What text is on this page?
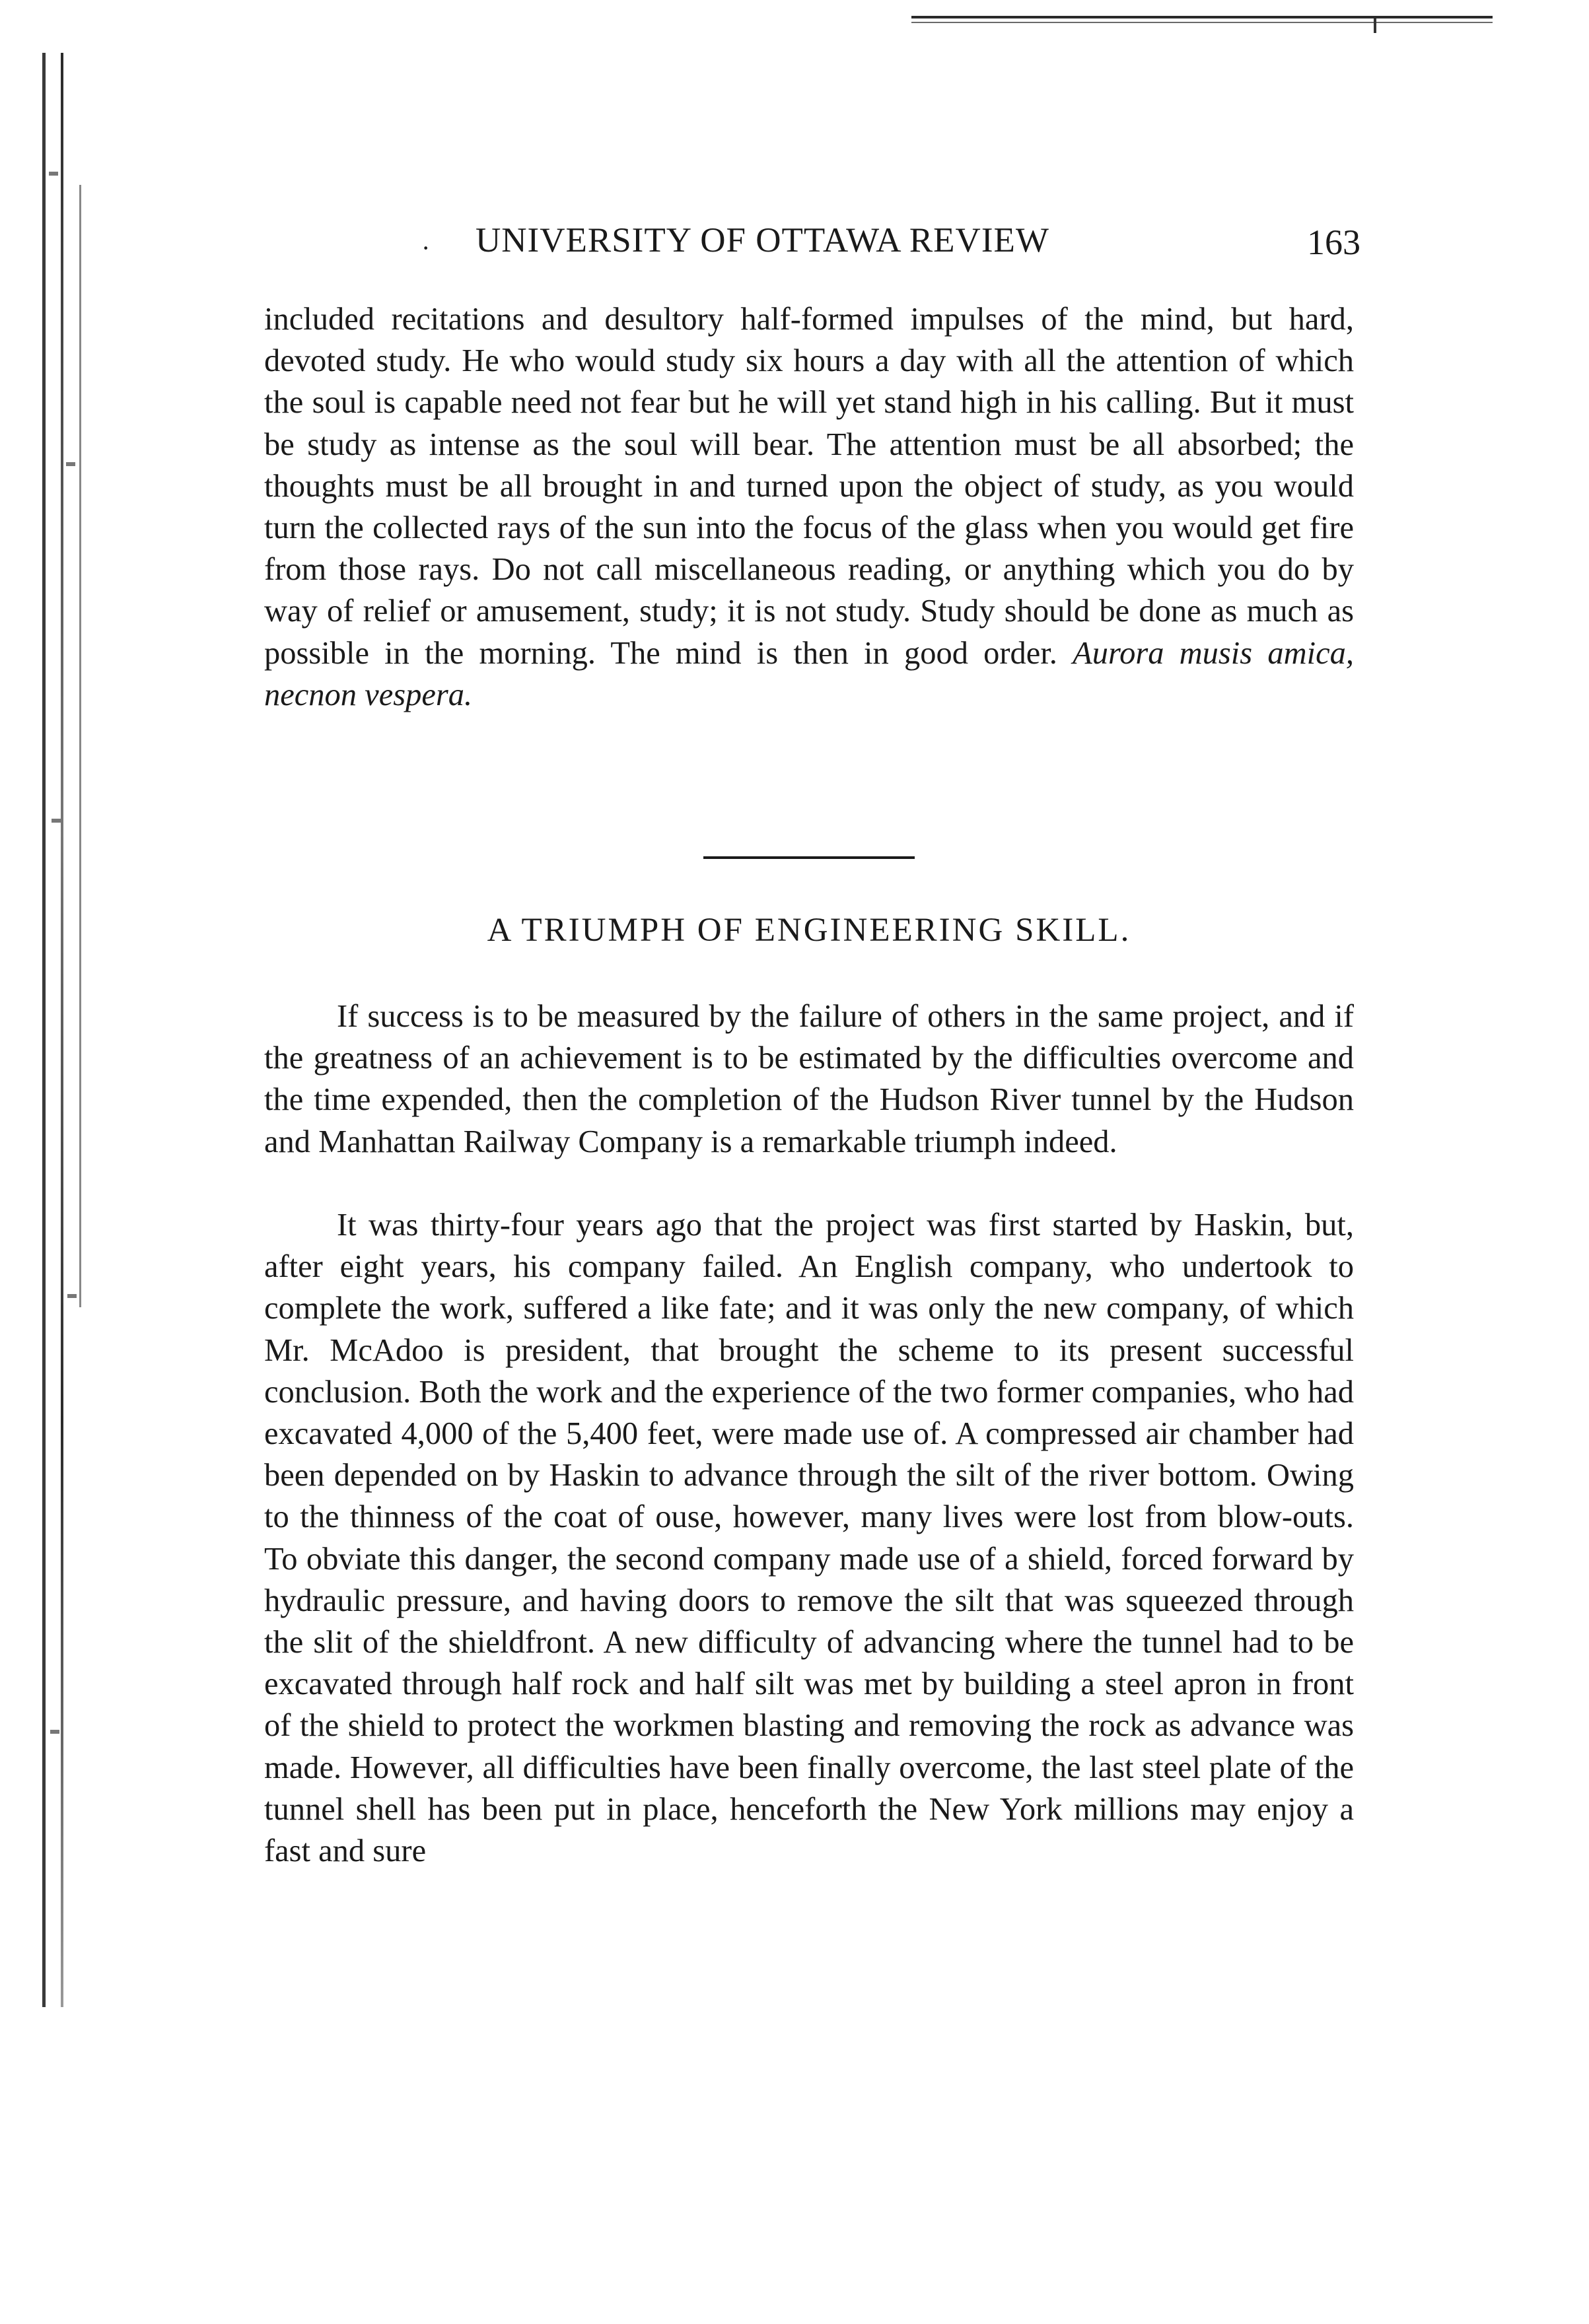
· UNIVERSITY OF OTTAWA REVIEW	163

included recitations and desultory half-formed impulses of the mind, but hard, devoted study. He who would study six hours a day with all the attention of which the soul is capable need not fear but he will yet stand high in his calling. But it must be study as intense as the soul will bear. The attention must be all absorbed; the thoughts must be all brought in and turned upon the object of study, as you would turn the collected rays of the sun into the focus of the glass when you would get fire from those rays. Do not call miscellaneous reading, or anything which you do by way of relief or amusement, study; it is not study. Study should be done as much as possible in the morning. The mind is then in good order. Aurora musis amica, necnon vespera.

A TRIUMPH OF ENGINEERING SKILL.

If success is to be measured by the failure of others in the same project, and if the greatness of an achievement is to be estimated by the difficulties overcome and the time expended, then the completion of the Hudson River tunnel by the Hudson and Manhattan Railway Company is a remarkable triumph indeed.

It was thirty-four years ago that the project was first started by Haskin, but, after eight years, his company failed. An English company, who undertook to complete the work, suffered a like fate; and it was only the new company, of which Mr. McAdoo is president, that brought the scheme to its present successful conclusion. Both the work and the experience of the two former companies, who had excavated 4,000 of the 5,400 feet, were made use of. A compressed air chamber had been depended on by Haskin to advance through the silt of the river bottom. Owing to the thinness of the coat of ouse, however, many lives were lost from blow-outs. To obviate this danger, the second company made use of a shield, forced forward by hydraulic pressure, and having doors to remove the silt that was squeezed through the slit of the shieldfront. A new difficulty of advancing where the tunnel had to be excavated through half rock and half silt was met by building a steel apron in front of the shield to protect the workmen blasting and removing the rock as advance was made. However, all difficulties have been finally overcome, the last steel plate of the tunnel shell has been put in place, henceforth the New York millions may enjoy a fast and sure
